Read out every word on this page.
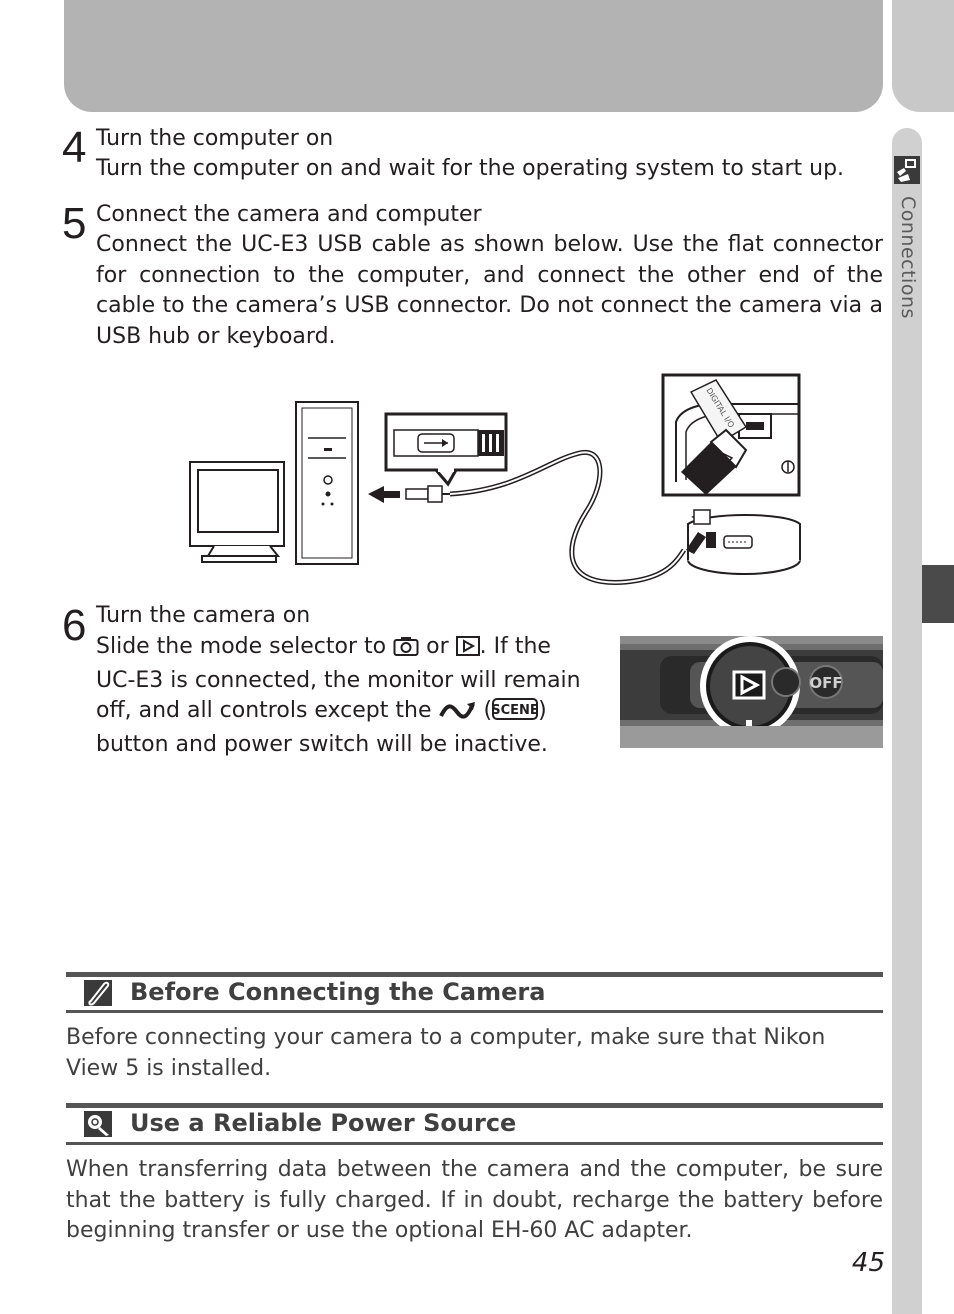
Connections
4 Turn the computer on
Turn the computer on and wait for the operating system to start up.
5 Connect the camera and computer
Connect the UC-E3 USB cable as shown below. Use the flat connector for connection to the computer, and connect the other end of the cable to the camera’s USB connector. Do not connect the camera via a USB hub or keyboard.
DIGITAL I/O
6 Turn the camera on
Slide the mode selector to  or . If the UC-E3 is connected, the monitor will remain off, and all controls except the  ( SCENE ) button and power switch will be inactive.
OFF
Before Connecting the Camera
Before connecting your camera to a computer, make sure that Nikon View 5 is installed.
Use a Reliable Power Source
When transferring data between the camera and the computer, be sure that the battery is fully charged. If in doubt, recharge the battery before beginning transfer or use the optional EH-60 AC adapter.
45
